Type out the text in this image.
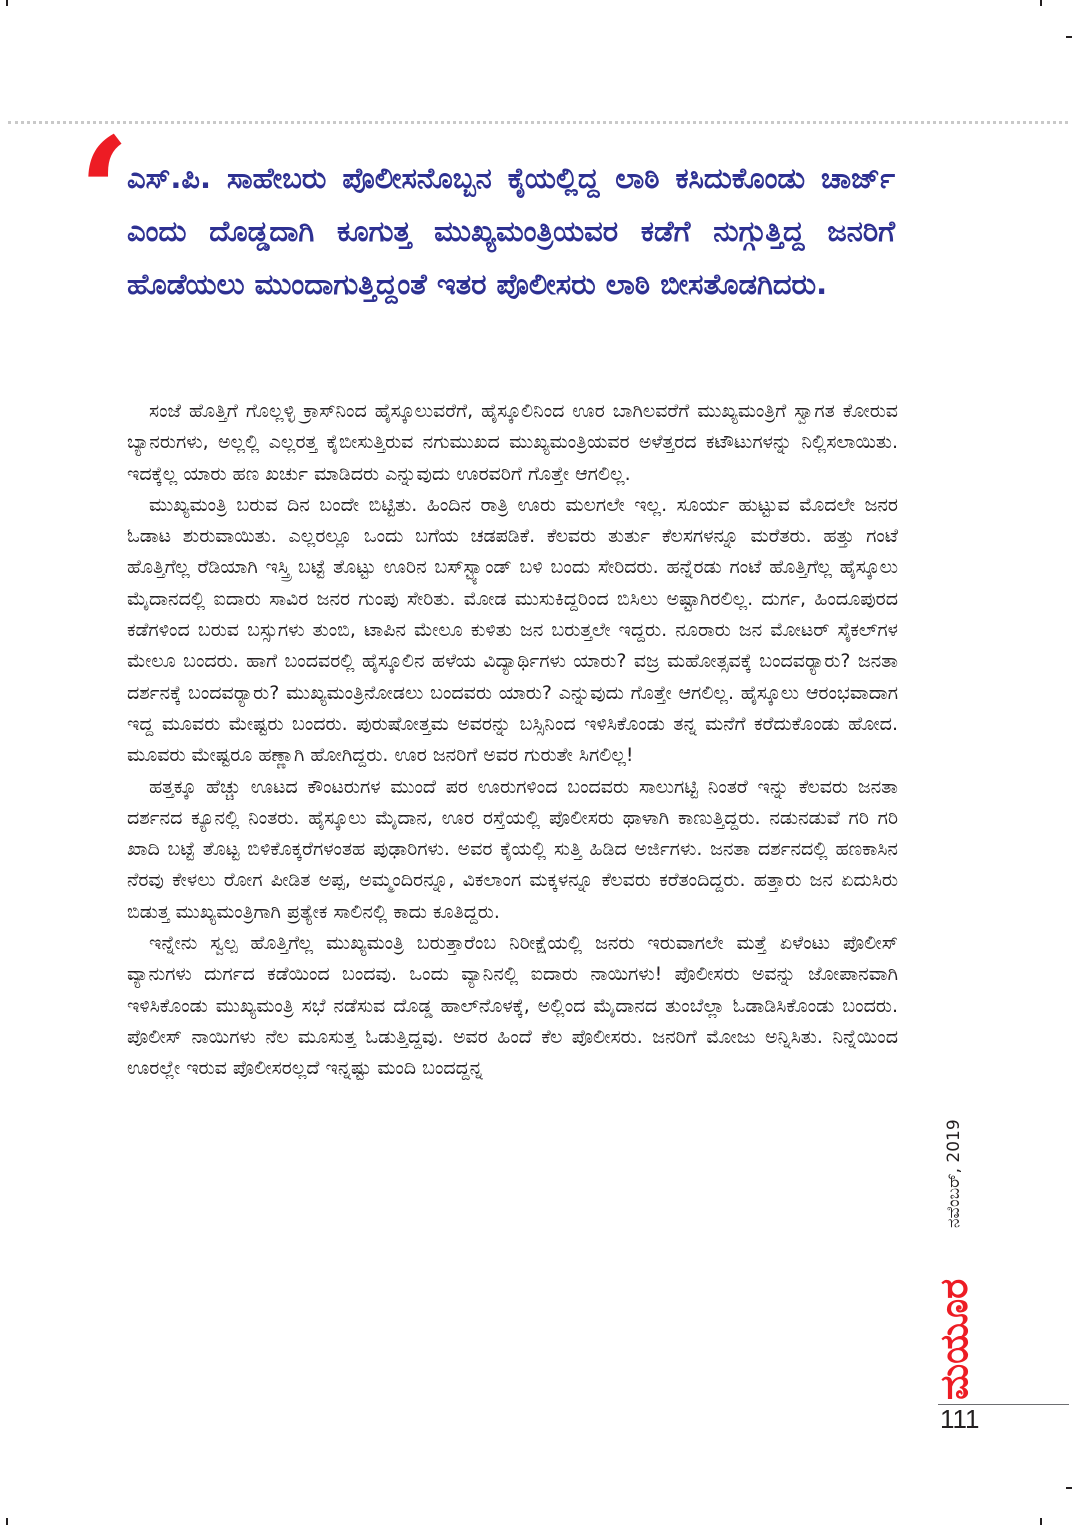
‘
ಎಸ್.ಪಿ. ಸಾಹೇಬರು ಪೊಲೀಸನೊಬ್ಬನ ಕೈಯಲ್ಲಿದ್ದ ಲಾಠಿ ಕಸಿದುಕೊಂಡು ಚಾರ್ಜ್ ಎಂದು ದೊಡ್ಡದಾಗಿ ಕೂಗುತ್ತ ಮುಖ್ಯಮಂತ್ರಿಯವರ ಕಡೆಗೆ ನುಗ್ಗುತ್ತಿದ್ದ ಜನರಿಗೆ ಹೊಡೆಯಲು ಮುಂದಾಗುತ್ತಿದ್ದಂತೆ ಇತರ ಪೊಲೀಸರು ಲಾಠಿ ಬೀಸತೊಡಗಿದರು.

ಸಂಜೆ ಹೊತ್ತಿಗೆ ಗೊಲ್ಲಳ್ಳಿ ಕ್ರಾಸ್‌ನಿಂದ ಹೈಸ್ಕೂಲುವರೆಗೆ, ಹೈಸ್ಕೂಲಿನಿಂದ ಊರ ಬಾಗಿಲವರೆಗೆ ಮುಖ್ಯಮಂತ್ರಿಗೆ ಸ್ವಾಗತ ಕೋರುವ ಬ್ಯಾನರುಗಳು, ಅಲ್ಲಲ್ಲಿ ಎಲ್ಲರತ್ತ ಕೈಬೀಸುತ್ತಿರುವ ನಗುಮುಖದ ಮುಖ್ಯಮಂತ್ರಿಯವರ ಅಳೆತ್ತರದ ಕಟೌಟುಗಳನ್ನು ನಿಲ್ಲಿಸಲಾಯಿತು. ಇದಕ್ಕೆಲ್ಲ ಯಾರು ಹಣ ಖರ್ಚು ಮಾಡಿದರು ಎನ್ನುವುದು ಊರವರಿಗೆ ಗೊತ್ತೇ ಆಗಲಿಲ್ಲ.

ಮುಖ್ಯಮಂತ್ರಿ ಬರುವ ದಿನ ಬಂದೇ ಬಿಟ್ಟಿತು. ಹಿಂದಿನ ರಾತ್ರಿ ಊರು ಮಲಗಲೇ ಇಲ್ಲ. ಸೂರ್ಯ ಹುಟ್ಟುವ ಮೊದಲೇ ಜನರ ಓಡಾಟ ಶುರುವಾಯಿತು. ಎಲ್ಲರಲ್ಲೂ ಒಂದು ಬಗೆಯ ಚಡಪಡಿಕೆ. ಕೆಲವರು ತುರ್ತು ಕೆಲಸಗಳನ್ನೂ ಮರೆತರು. ಹತ್ತು ಗಂಟೆ ಹೊತ್ತಿಗೆಲ್ಲ ರೆಡಿಯಾಗಿ ಇಸ್ತ್ರಿ ಬಟ್ಟೆ ತೊಟ್ಟು ಊರಿನ ಬಸ್‌ಸ್ಟ್ಯಾಂಡ್ ಬಳಿ ಬಂದು ಸೇರಿದರು. ಹನ್ನೆರಡು ಗಂಟೆ ಹೊತ್ತಿಗೆಲ್ಲ ಹೈಸ್ಕೂಲು ಮೈದಾನದಲ್ಲಿ ಐದಾರು ಸಾವಿರ ಜನರ ಗುಂಪು ಸೇರಿತು. ಮೋಡ ಮುಸುಕಿದ್ದರಿಂದ ಬಿಸಿಲು ಅಷ್ಟಾಗಿರಲಿಲ್ಲ. ದುರ್ಗ, ಹಿಂದೂಪುರದ ಕಡೆಗಳಿಂದ ಬರುವ ಬಸ್ಸುಗಳು ತುಂಬಿ, ಟಾಪಿನ ಮೇಲೂ ಕುಳಿತು ಜನ ಬರುತ್ತಲೇ ಇದ್ದರು. ನೂರಾರು ಜನ ಮೋಟರ್ ಸೈಕಲ್‌ಗಳ ಮೇಲೂ ಬಂದರು. ಹಾಗೆ ಬಂದವರಲ್ಲಿ ಹೈಸ್ಕೂಲಿನ ಹಳೆಯ ವಿದ್ಯಾರ್ಥಿಗಳು ಯಾರು? ವಜ್ರ ಮಹೋತ್ಸವಕ್ಕೆ ಬಂದವರ್‍ಯಾರು? ಜನತಾ ದರ್ಶನಕ್ಕೆ ಬಂದವರ್‍ಯಾರು? ಮುಖ್ಯಮಂತ್ರಿನೋಡಲು ಬಂದವರು ಯಾರು? ಎನ್ನುವುದು ಗೊತ್ತೇ ಆಗಲಿಲ್ಲ. ಹೈಸ್ಕೂಲು ಆರಂಭವಾದಾಗ ಇದ್ದ ಮೂವರು ಮೇಷ್ಟರು ಬಂದರು. ಪುರುಷೋತ್ತಮ ಅವರನ್ನು ಬಸ್ಸಿನಿಂದ ಇಳಿಸಿಕೊಂಡು ತನ್ನ ಮನೆಗೆ ಕರೆದುಕೊಂಡು ಹೋದ. ಮೂವರು ಮೇಷ್ಟರೂ ಹಣ್ಣಾಗಿ ಹೋಗಿದ್ದರು. ಊರ ಜನರಿಗೆ ಅವರ ಗುರುತೇ ಸಿಗಲಿಲ್ಲ!

ಹತ್ತಕ್ಕೂ ಹೆಚ್ಚು ಊಟದ ಕೌಂಟರುಗಳ ಮುಂದೆ ಪರ ಊರುಗಳಿಂದ ಬಂದವರು ಸಾಲುಗಟ್ಟಿ ನಿಂತರೆ ಇನ್ನು ಕೆಲವರು ಜನತಾ ದರ್ಶನದ ಕ್ಯೂನಲ್ಲಿ ನಿಂತರು. ಹೈಸ್ಕೂಲು ಮೈದಾನ, ಊರ ರಸ್ತೆಯಲ್ಲಿ ಪೊಲೀಸರು ಥಾಳಾಗಿ ಕಾಣುತ್ತಿದ್ದರು. ನಡುನಡುವೆ ಗರಿ ಗರಿ ಖಾದಿ ಬಟ್ಟೆ ತೊಟ್ಟ ಬಿಳಿಕೊಕ್ಕರೆಗಳಂತಹ ಪುಢಾರಿಗಳು. ಅವರ ಕೈಯಲ್ಲಿ ಸುತ್ತಿ ಹಿಡಿದ ಅರ್ಜಿಗಳು. ಜನತಾ ದರ್ಶನದಲ್ಲಿ ಹಣಕಾಸಿನ ನೆರವು ಕೇಳಲು ರೋಗ ಪೀಡಿತ ಅಪ್ಪ, ಅಮ್ಮಂದಿರನ್ನೂ, ವಿಕಲಾಂಗ ಮಕ್ಕಳನ್ನೂ ಕೆಲವರು ಕರೆತಂದಿದ್ದರು. ಹತ್ತಾರು ಜನ ಏದುಸಿರು ಬಿಡುತ್ತ ಮುಖ್ಯಮಂತ್ರಿಗಾಗಿ ಪ್ರತ್ಯೇಕ ಸಾಲಿನಲ್ಲಿ ಕಾದು ಕೂತಿದ್ದರು.

ಇನ್ನೇನು ಸ್ವಲ್ಪ ಹೊತ್ತಿಗೆಲ್ಲ ಮುಖ್ಯಮಂತ್ರಿ ಬರುತ್ತಾರೆಂಬ ನಿರೀಕ್ಷೆಯಲ್ಲಿ ಜನರು ಇರುವಾಗಲೇ ಮತ್ತೆ ಏಳೆಂಟು ಪೊಲೀಸ್ ವ್ಯಾನುಗಳು ದುರ್ಗದ ಕಡೆಯಿಂದ ಬಂದವು. ಒಂದು ವ್ಯಾನಿನಲ್ಲಿ ಐದಾರು ನಾಯಿಗಳು! ಪೊಲೀಸರು ಅವನ್ನು ಜೋಪಾನವಾಗಿ ಇಳಿಸಿಕೊಂಡು ಮುಖ್ಯಮಂತ್ರಿ ಸಭೆ ನಡೆಸುವ ದೊಡ್ಡ ಹಾಲ್‌ನೊಳಕ್ಕೆ, ಅಲ್ಲಿಂದ ಮೈದಾನದ ತುಂಬೆಲ್ಲಾ ಓಡಾಡಿಸಿಕೊಂಡು ಬಂದರು. ಪೊಲೀಸ್ ನಾಯಿಗಳು ನೆಲ ಮೂಸುತ್ತ ಓಡುತ್ತಿದ್ದವು. ಅವರ ಹಿಂದೆ ಕೆಲ ಪೊಲೀಸರು. ಜನರಿಗೆ ಮೋಜು ಅನ್ನಿಸಿತು. ನಿನ್ನೆಯಿಂದ ಊರಲ್ಲೇ ಇರುವ ಪೊಲೀಸರಲ್ಲದೆ ಇನ್ನಷ್ಟು ಮಂದಿ ಬಂದದ್ದನ್ನ

ನವೆಂಬರ್, 2019
ಮಯೂರ
111
